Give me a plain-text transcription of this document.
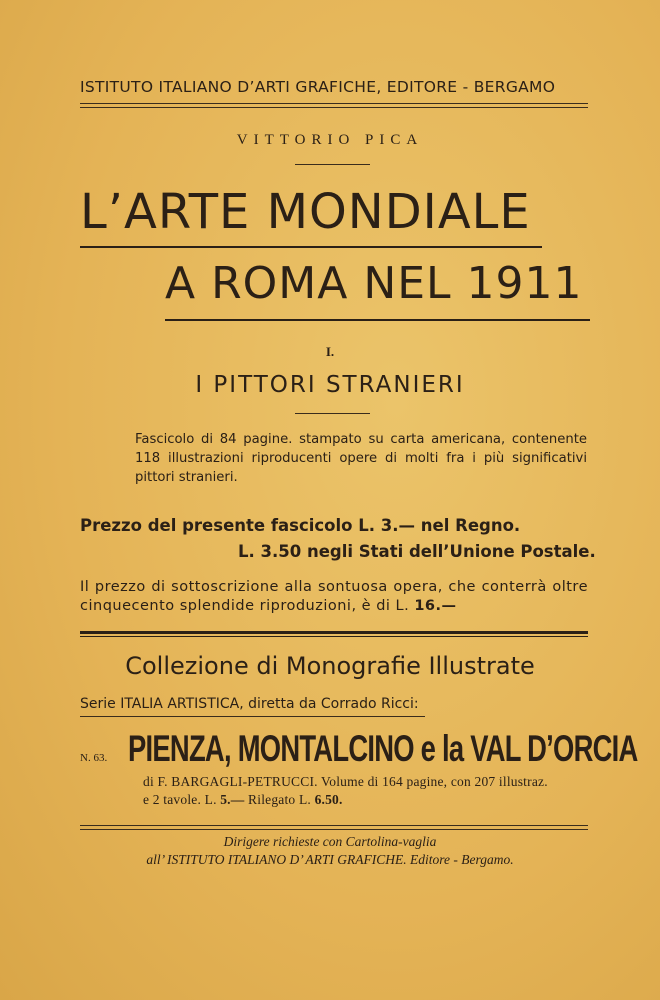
ISTITUTO ITALIANO D’ARTI GRAFICHE, EDITORE - BERGAMO
VITTORIO PICA
L’ARTE MONDIALE
A ROMA NEL 1911
I.
I PITTORI STRANIERI
Fascicolo di 84 pagine. stampato su carta americana, contenente 118 illustrazioni riproducenti opere di molti fra i più significativi pittori stranieri.
Prezzo del presente fascicolo L. 3.— nel Regno.
L. 3.50 negli Stati dell’Unione Postale.
Il prezzo di sottoscrizione alla sontuosa opera, che conterrà oltre cinquecento splendide riproduzioni, è di L. 16.—
Collezione di Monografie Illustrate
Serie ITALIA ARTISTICA, diretta da Corrado Ricci:
N. 63. PIENZA, MONTALCINO e la VAL D’ORCIA
di F. BARGAGLI-PETRUCCI. Volume di 164 pagine, con 207 illustraz.
e 2 tavole. L. 5.— Rilegato L. 6.50.
Dirigere richieste con Cartolina-vaglia
all’ ISTITUTO ITALIANO D’ ARTI GRAFICHE. Editore - Bergamo.
